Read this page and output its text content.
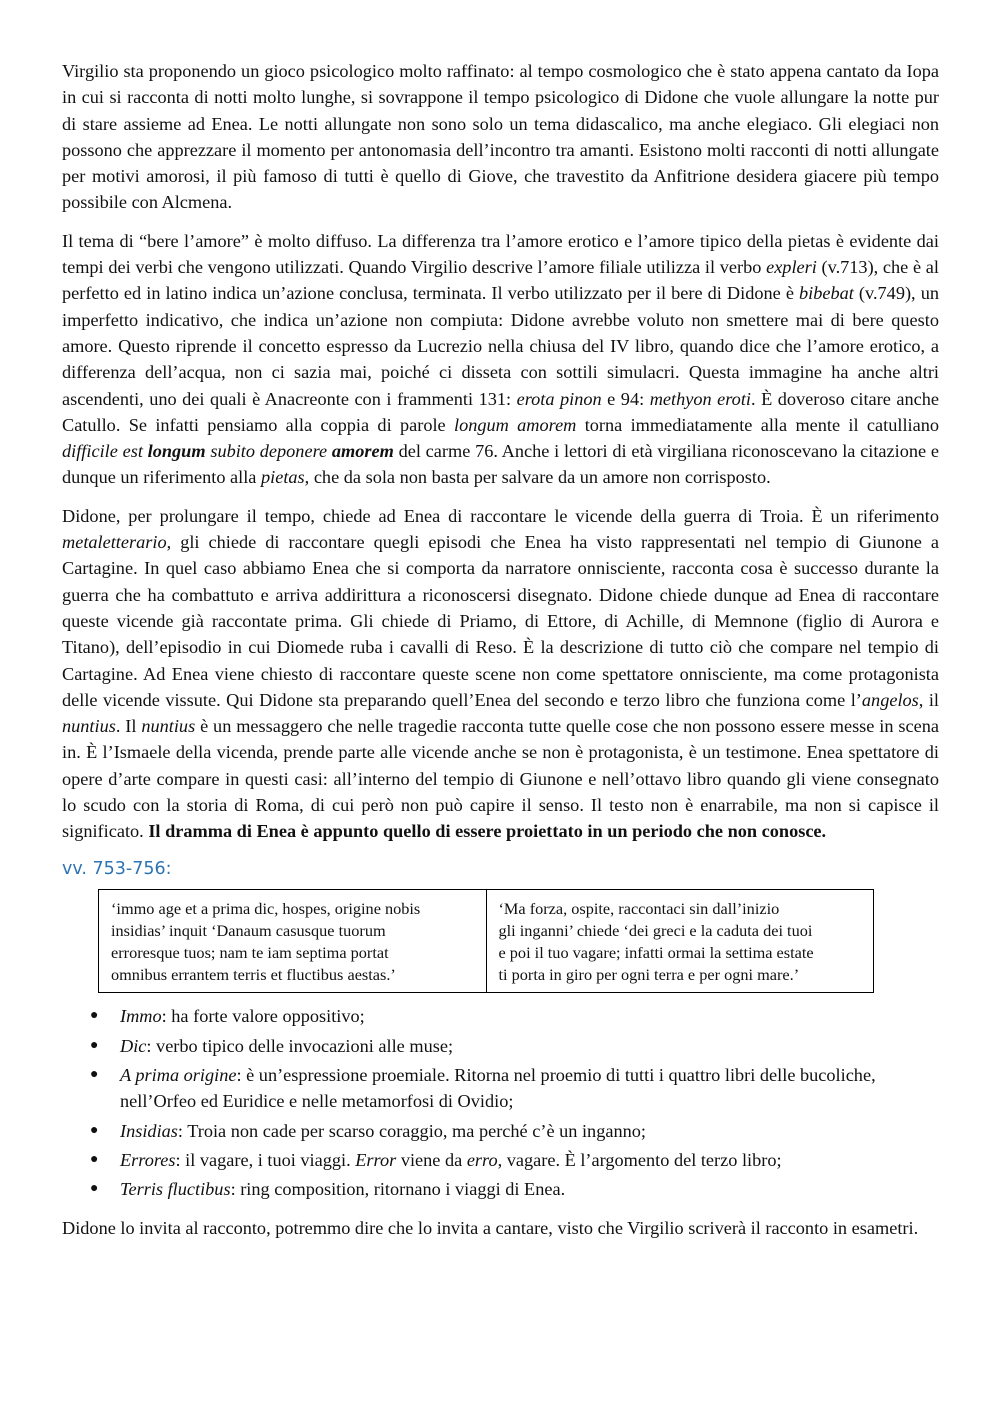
Virgilio sta proponendo un gioco psicologico molto raffinato: al tempo cosmologico che è stato appena cantato da Iopa in cui si racconta di notti molto lunghe, si sovrappone il tempo psicologico di Didone che vuole allungare la notte pur di stare assieme ad Enea. Le notti allungate non sono solo un tema didascalico, ma anche elegiaco. Gli elegiaci non possono che apprezzare il momento per antonomasia dell’incontro tra amanti. Esistono molti racconti di notti allungate per motivi amorosi, il più famoso di tutti è quello di Giove, che travestito da Anfitrione desidera giacere più tempo possibile con Alcmena.

Il tema di “bere l’amore” è molto diffuso. La differenza tra l’amore erotico e l’amore tipico della pietas è evidente dai tempi dei verbi che vengono utilizzati. Quando Virgilio descrive l’amore filiale utilizza il verbo expleri (v.713), che è al perfetto ed in latino indica un’azione conclusa, terminata. Il verbo utilizzato per il bere di Didone è bibebat (v.749), un imperfetto indicativo, che indica un’azione non compiuta: Didone avrebbe voluto non smettere mai di bere questo amore. Questo riprende il concetto espresso da Lucrezio nella chiusa del IV libro, quando dice che l’amore erotico, a differenza dell’acqua, non ci sazia mai, poiché ci disseta con sottili simulacri. Questa immagine ha anche altri ascendenti, uno dei quali è Anacreonte con i frammenti 131: erota pinon e 94: methyon eroti. È doveroso citare anche Catullo. Se infatti pensiamo alla coppia di parole longum amorem torna immediatamente alla mente il catulliano difficile est longum subito deponere amorem del carme 76. Anche i lettori di età virgiliana riconoscevano la citazione e dunque un riferimento alla pietas, che da sola non basta per salvare da un amore non corrisposto.

Didone, per prolungare il tempo, chiede ad Enea di raccontare le vicende della guerra di Troia. È un riferimento metaletterario, gli chiede di raccontare quegli episodi che Enea ha visto rappresentati nel tempio di Giunone a Cartagine. In quel caso abbiamo Enea che si comporta da narratore onnisciente, racconta cosa è successo durante la guerra che ha combattuto e arriva addirittura a riconoscersi disegnato. Didone chiede dunque ad Enea di raccontare queste vicende già raccontate prima. Gli chiede di Priamo, di Ettore, di Achille, di Memnone (figlio di Aurora e Titano), dell’episodio in cui Diomede ruba i cavalli di Reso. È la descrizione di tutto ciò che compare nel tempio di Cartagine. Ad Enea viene chiesto di raccontare queste scene non come spettatore onnisciente, ma come protagonista delle vicende vissute. Qui Didone sta preparando quell’Enea del secondo e terzo libro che funziona come l’angelos, il nuntius. Il nuntius è un messaggero che nelle tragedie racconta tutte quelle cose che non possono essere messe in scena in. È l’Ismaele della vicenda, prende parte alle vicende anche se non è protagonista, è un testimone. Enea spettatore di opere d’arte compare in questi casi: all’interno del tempio di Giunone e nell’ottavo libro quando gli viene consegnato lo scudo con la storia di Roma, di cui però non può capire il senso. Il testo non è enarrabile, ma non si capisce il significato. Il dramma di Enea è appunto quello di essere proiettato in un periodo che non conosce.

vv. 753-756:
‘immo age et a prima dic, hospes, origine nobis
insidias’ inquit ‘Danaum casusque tuorum
erroresque tuos; nam te iam septima portat
omnibus errantem terris et fluctibus aestas.’

‘Ma forza, ospite, raccontaci sin dall’inizio
gli inganni’ chiede ‘dei greci e la caduta dei tuoi
e poi il tuo vagare; infatti ormai la settima estate
ti porta in giro per ogni terra e per ogni mare.’
● Immo: ha forte valore oppositivo;
● Dic: verbo tipico delle invocazioni alle muse;
● A prima origine: è un’espressione proemiale. Ritorna nel proemio di tutti i quattro libri delle bucoliche, nell’Orfeo ed Euridice e nelle metamorfosi di Ovidio;
● Insidias: Troia non cade per scarso coraggio, ma perché c’è un inganno;
● Errores: il vagare, i tuoi viaggi. Error viene da erro, vagare. È l’argomento del terzo libro;
● Terris fluctibus: ring composition, ritornano i viaggi di Enea.

Didone lo invita al racconto, potremmo dire che lo invita a cantare, visto che Virgilio scriverà il racconto in esametri.
